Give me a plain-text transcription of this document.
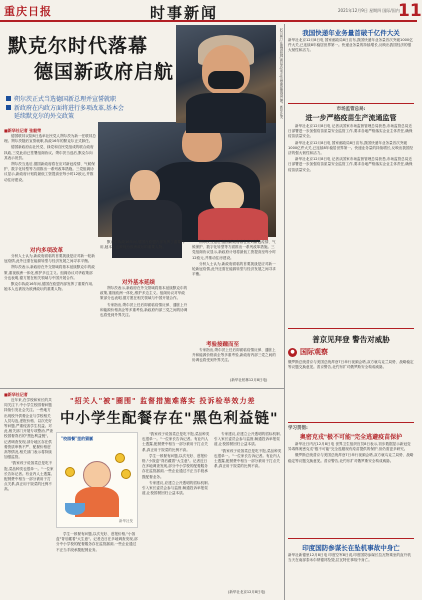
重庆日报	时事新闻	2021年12月9日 星期四 国际/国内
11
默克尔时代落幕
德国新政府启航
朔尔茨正式当选德国新总理并宣誓就职
新政府在内政方面将进行多项改革,基本会
延续默克尔的外交政策	12月8日,在德国柏林,朔尔茨(前左)宣誓就职德国总理。新华社发
■新华社记者 张毅荣

德国联邦议院8日选举社民党人朔尔茨为新一任联邦总理。朔尔茨随后宣誓就职,执政16年的默克尔正式卸任。

德国新政府由社民党、绿党和自民党组成的联合政府执政,三党此前已签署组阁协议。朔尔茨当选后,默克尔向其表示祝贺。

朔尔茨当选后,德国新政府将在应对新冠疫情、气候保护、数字化转型等方面推出一系列改革措施。三党组阁协议显示,新政府计划将最低工资提高至每小时12欧元,并推动住房建设。

对内多项改革

分析人士认为,新政府面临的首要挑战是应对新一轮新冠疫情,此外还需在能源转型与经济发展之间寻求平衡。

朔尔茨表示,新政府在外交领域将基本延续默克尔的政策,重视欧洲一体化,维护多边主义。组阁协议对华政策部分也表明,德方愿在相关领域与中国开展合作。

默克尔执政16年间,德国在欧盟内部发挥了重要作用,她本人也被视为欧洲政坛的重要人物。

默克尔执政16年间,德国在欧盟内部发挥了重要作用,她本人也被视为欧洲政坛的重要人物。

对外基本延续

朔尔茨表示,新政府在外交领域将基本延续默克尔的政策,重视欧洲一体化,维护多边主义。组阁协议对华政策部分也表明,德方愿在相关领域与中国开展合作。

专家指出,朔尔茨上任后即面临疫情反弹、通胀上升和能源价格高企等多重考验,新政府内部三党之间的协调也将受到外界关注。

朔尔茨当选后,德国新政府将在应对新冠疫情、气候保护、数字化转型等方面推出一系列改革措施。三党组阁协议显示,新政府计划将最低工资提高至每小时12欧元,并推动住房建设。

分析人士认为,新政府面临的首要挑战是应对新一轮新冠疫情,此外还需在能源转型与经济发展之间寻求平衡。

考验接踵而至

专家指出,朔尔茨上任后即面临疫情反弹、通胀上升和能源价格高企等多重考验,新政府内部三党之间的协调也将受到外界关注。

(新华社柏林12月8日电)
我国快递年业务量首破千亿件大关
新华社北京12月8日电 国家邮政局8日宣布,我国快递年业务量首次突破1000亿件大关,已连续8年稳居世界第一。快递业务量的持续增长,反映出我国经济的强大韧性和活力。
市场监管总局:
进一步严格疫苗生产流通监管

新华社北京12月8日电 记者从国家市场监督管理总局获悉,市场监管总局近日部署进一步加强疫苗质量安全监管工作,要求各地严格落实企业主体责任,确保疫苗质量安全。

新华社北京12月8日电 国家邮政局8日宣布,我国快递年业务量首次突破1000亿件大关,已连续8年稳居世界第一。快递业务量的持续增长,反映出我国经济的强大韧性和活力。

新华社北京12月8日电 记者从国家市场监督管理总局获悉,市场监管总局近日部署进一步加强疫苗质量安全监管工作,要求各地严格落实企业主体责任,确保疫苗质量安全。

普京见拜登 警告对威胁
● 国际观察
俄罗斯总统普京与美国总统拜登7日举行视频会晤,双方就乌克兰局势、战略稳定等议题交换意见。普京警告,北约东扩对俄罗斯安全构成威胁。
学习贯彻:
奥密克戎"极不可能"完全逃避疫苗保护

新华社日内瓦12月8日电 世界卫生组织官员8日表示,初步数据显示新冠变异毒株奥密克戎"极不可能"完全逃避现有疫苗提供的保护,但仍需更多研究。

俄罗斯总统普京与美国总统拜登7日举行视频会晤,双方就乌克兰局势、战略稳定等议题交换意见。普京警告,北约东扩对俄罗斯安全构成威胁。

印度国防参谋长在坠机事故中身亡
新华社新德里12月8日电 印度空军8日说,印度国防参谋长拉瓦特乘坐的直升机当天在南部泰米尔纳德邦坠毁,拉瓦特在事故中身亡。
■新华社记者

近年来,在学校和家长的共同关注下,中小学生校园餐问题持续引发社会关注。一些地方出现校外供餐企业与学校相关人员勾连,虚报价格、以次充好等问题,严重侵害学生权益。对此,相关部门开展专项整治,严查校园餐背后的"黑色利益链"。记者调查发现,部分地区存在供餐资质审核不严、配餐价格虚高等情况,相关部门表示将持续加强监管。

"我家孩子说饭菜总是吃不饱,菜品种类也很单一。"一位家长告诉记者。有业内人士透露,配餐费中相当一部分被用于打点关系,真正用于饭菜的比例不高。

"招关人"被"圈围" 监督措施难落实 投诉检举效力差
中小学生配餐存在"黑色利益链"
"校园餐"里的猫腻
新华社发

学生一顿餐有问题,以次充好、虚报价格,"小饭盒"背后藏着"大生意"。记者近日在多地调查发现,部分中小学校的配餐服务存在监管漏洞,一些企业通过不正当手段承揽配餐业务。

"我家孩子说饭菜总是吃不饱,菜品种类也很单一。"一位家长告诉记者。有业内人士透露,配餐费中相当一部分被用于打点关系,真正用于饭菜的比例不高。

学生一顿餐有问题,以次充好、虚报价格,"小饭盒"背后藏着"大生意"。记者近日在多地调查发现,部分中小学校的配餐服务存在监管漏洞,一些企业通过不正当手段承揽配餐业务。

专家建议,应建立公开透明的招标机制,引入家长委员会参与监督,畅通投诉举报渠道,让校园餐回归公益本质。

专家建议,应建立公开透明的招标机制,引入家长委员会参与监督,畅通投诉举报渠道,让校园餐回归公益本质。

"我家孩子说饭菜总是吃不饱,菜品种类也很单一。"一位家长告诉记者。有业内人士透露,配餐费中相当一部分被用于打点关系,真正用于饭菜的比例不高。

(新华社北京12月8日电)
